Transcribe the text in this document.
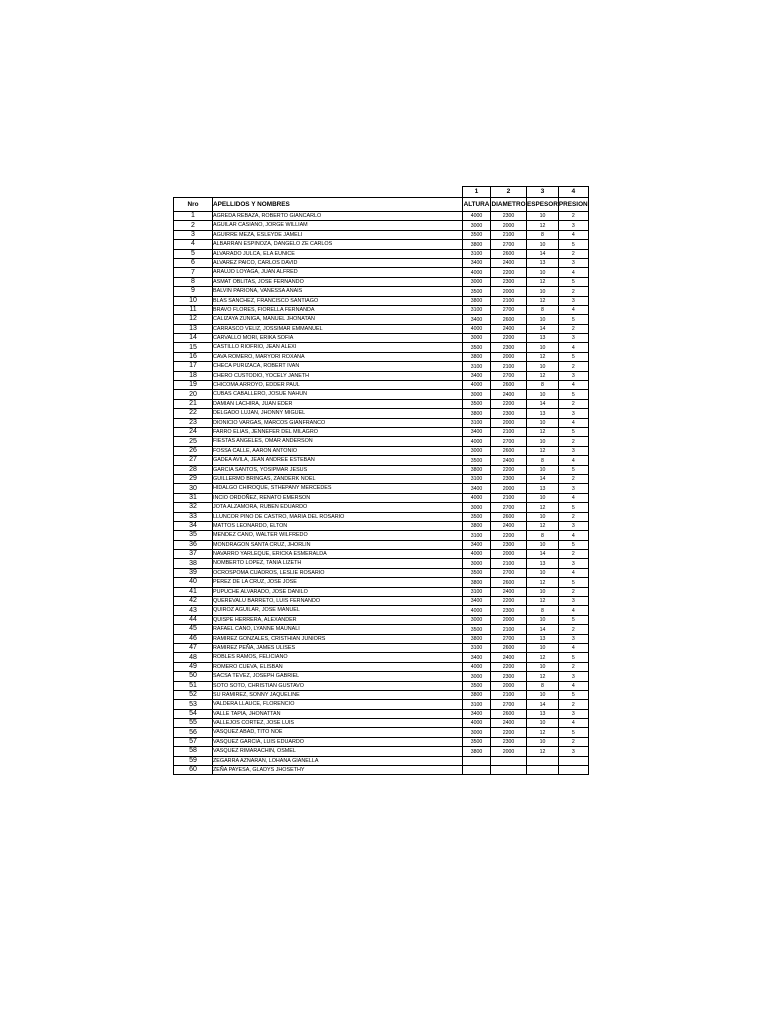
		1	2	3	4
Nro	APELLIDOS Y NOMBRES	ALTURA	DIAMETRO	ESPESOR	PRESION
1	AGREDA REBAZA, ROBERTO GIANCARLO	4000	2300	10	2
2	AGUILAR CASIANO, JORGE WILLIAM	3000	2000	12	3
3	AGUIRRE MEZA, ESLEYDE JAMELI	3500	2100	8	4
4	ALBARRAN ESPINOZA, DANGELO ZE CARLOS	3800	2700	10	5
5	ALVARADO JULCA, ELA EUNICE	3100	2600	14	2
6	ALVAREZ PAICO, CARLOS DAVID	3400	2400	13	3
7	ARAUJO LOYAGA, JUAN ALFRED	4000	2200	10	4
8	ASMAT OBLITAS, JOSE FERNANDO	3000	2300	12	5
9	BALVIN PARIONA, VANESSA ANAIS	3500	2000	10	2
10	BLAS SANCHEZ, FRANCISCO SANTIAGO	3800	2100	12	3
11	BRAVO FLORES, FIORELLA FERNANDA	3100	2700	8	4
12	CALIZAYA ZUNIGA, MANUEL JHONATAN	3400	2600	10	5
13	CARRASCO VELIZ, JOSSIMAR EMMANUEL	4000	2400	14	2
14	CARVALLO MORI, ERIKA SOFIA	3000	2200	13	3
15	CASTILLO RIOFRIO, JEAN ALEXI	3500	2300	10	4
16	CAVA ROMERO, MARYORI ROXANA	3800	2000	12	5
17	CHECA PURIZACA, ROBERT IVAN	3100	2100	10	2
18	CHERO CUSTODIO, YOCELY JANETH	3400	2700	12	3
19	CHICOMA ARROYO, EDDER PAUL	4000	2600	8	4
20	CUBAS CABALLERO, JOSUE NAHUN	3000	2400	10	5
21	DAMIAN LACHIRA, JUAN EDER	3500	2200	14	2
22	DELGADO LUJAN, JHONNY MIGUEL	3800	2300	13	3
23	DIONICIO VARGAS, MARCOS GIANFRANCO	3100	2000	10	4
24	FARRO ELIAS, JENNEFER DEL MILAGRO	3400	2100	12	5
25	FIESTAS ANGELES, OMAR ANDERSON	4000	2700	10	2
26	FOSSA CALLE, AARON ANTONIO	3000	2600	12	3
27	GADEA AVILA, JEAN ANDREE ESTEBAN	3500	2400	8	4
28	GARCIA SANTOS, YOSIPMAR JESUS	3800	2200	10	5
29	GUILLERMO BRINGAS, ZANDERK NOEL	3100	2300	14	2
30	HIDALGO CHIROQUE, STHEPANY MERCEDES	3400	2000	13	3
31	INCIO ORDOÑEZ, RENATO EMERSON	4000	2100	10	4
32	JOTA ALZAMORA, RUBEN EDUARDO	3000	2700	12	5
33	LLUNCOR PINO DE CASTRO, MARIA DEL ROSARIO	3500	2600	10	2
34	MATTOS LEONARDO, ELTON	3800	2400	12	3
35	MENDEZ CANO, WALTER WILFREDO	3100	2200	8	4
36	MONDRAGON SANTA CRUZ, JHORLIN	3400	2300	10	5
37	NAVARRO YARLEQUE, ERICKA ESMERALDA	4000	2000	14	2
38	NOMBERTO LOPEZ, TANIA LIZETH	3000	2100	13	3
39	OCROSPOMA CUADROS, LESLIE ROSARIO	3500	2700	10	4
40	PEREZ DE LA CRUZ, JOSE JOSE	3800	2600	12	5
41	PUPUCHE ALVARADO, JOSE DANILO	3100	2400	10	2
42	QUEREVALU BARRETO, LUIS FERNANDO	3400	2200	12	3
43	QUIROZ AGUILAR, JOSE MANUEL	4000	2300	8	4
44	QUISPE HERRERA, ALEXANDER	3000	2000	10	5
45	RAFAEL CANO, LYANNE MAUNALI	3500	2100	14	2
46	RAMIREZ GONZALES, CRISTHIAN JUNIORS	3800	2700	13	3
47	RAMIREZ PEÑA, JAMES ULISES	3100	2600	10	4
48	ROBLES RAMOS, FELICIANO	3400	2400	12	5
49	ROMERO CUEVA, ELISBAN	4000	2200	10	2
50	SACSA TEVEZ, JOSEPH GABRIEL	3000	2300	12	3
51	SOTO SOTO, CHRISTIAN GUSTAVO	3500	2000	8	4
52	SU RAMIREZ, SONNY JAQUELINE	3800	2100	10	5
53	VALDERA LLAUCE, FLORENCIO	3100	2700	14	2
54	VALLE TAPIA, JHONATTAN	3400	2600	13	3
55	VALLEJOS CORTEZ, JOSE LUIS	4000	2400	10	4
56	VASQUEZ ABAD, TITO NOE	3000	2200	12	5
57	VASQUEZ GARCIA, LUIS EDUARDO	3500	2300	10	2
58	VASQUEZ RIMARACHIN, OSMEL	3800	2000	12	3
59	ZEGARRA AZNARAN, LOHANA GIANELLA				
60	ZEÑA PAYESA, GLADYS JHOSETHY				
